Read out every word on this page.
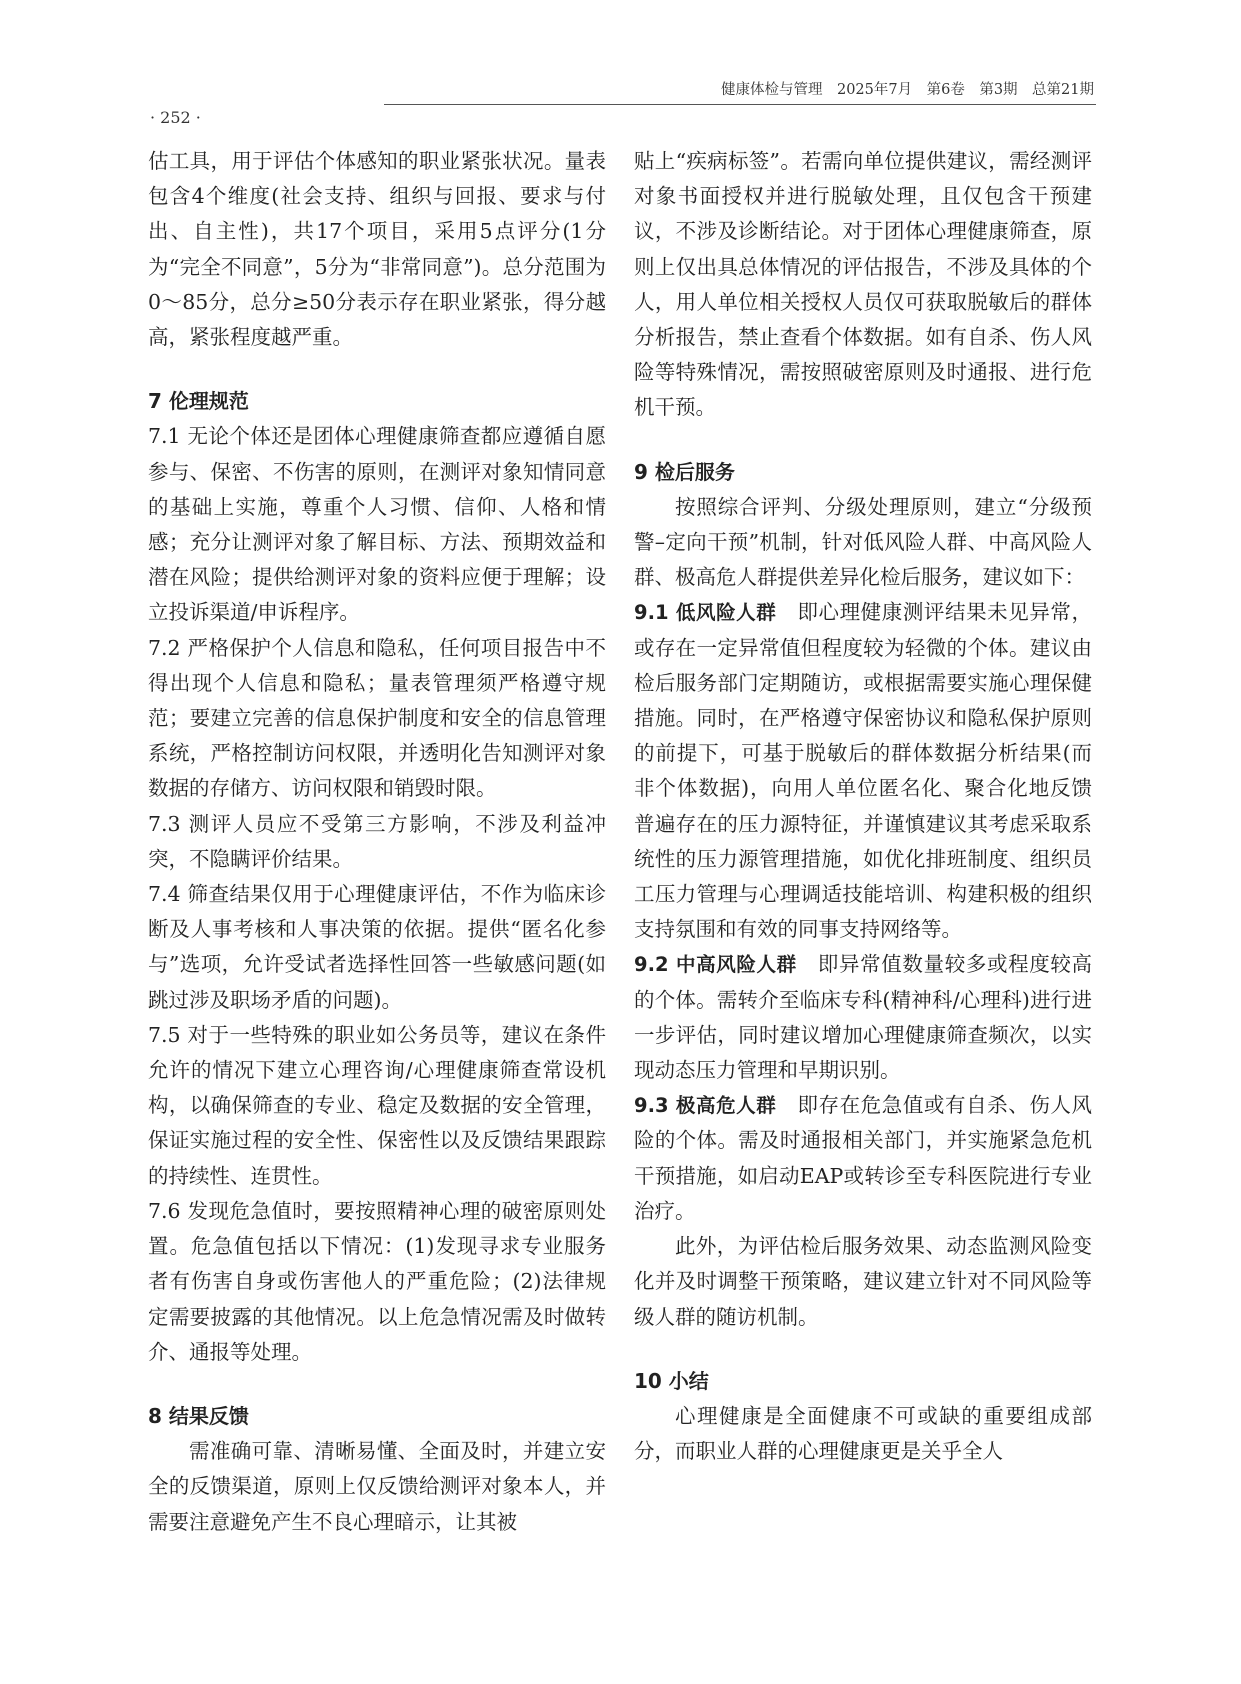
健康体检与管理　2025年7月　第6卷　第3期　总第21期
· 252 ·

估工具，用于评估个体感知的职业紧张状况。量表包含4个维度(社会支持、组织与回报、要求与付出、自主性)，共17个项目，采用5点评分(1分为“完全不同意”，5分为“非常同意”)。总分范围为0～85分，总分≥50分表示存在职业紧张，得分越高，紧张程度越严重。

7 伦理规范

7.1 无论个体还是团体心理健康筛查都应遵循自愿参与、保密、不伤害的原则，在测评对象知情同意的基础上实施，尊重个人习惯、信仰、人格和情感；充分让测评对象了解目标、方法、预期效益和潜在风险；提供给测评对象的资料应便于理解；设立投诉渠道/申诉程序。

7.2 严格保护个人信息和隐私，任何项目报告中不得出现个人信息和隐私；量表管理须严格遵守规范；要建立完善的信息保护制度和安全的信息管理系统，严格控制访问权限，并透明化告知测评对象数据的存储方、访问权限和销毁时限。

7.3 测评人员应不受第三方影响，不涉及利益冲突，不隐瞒评价结果。

7.4 筛查结果仅用于心理健康评估，不作为临床诊断及人事考核和人事决策的依据。提供“匿名化参与”选项，允许受试者选择性回答一些敏感问题(如跳过涉及职场矛盾的问题)。

7.5 对于一些特殊的职业如公务员等，建议在条件允许的情况下建立心理咨询/心理健康筛查常设机构，以确保筛查的专业、稳定及数据的安全管理，保证实施过程的安全性、保密性以及反馈结果跟踪的持续性、连贯性。

7.6 发现危急值时，要按照精神心理的破密原则处置。危急值包括以下情况：(1)发现寻求专业服务者有伤害自身或伤害他人的严重危险；(2)法律规定需要披露的其他情况。以上危急情况需及时做转介、通报等处理。

8 结果反馈

需准确可靠、清晰易懂、全面及时，并建立安全的反馈渠道，原则上仅反馈给测评对象本人，并需要注意避免产生不良心理暗示，让其被

贴上“疾病标签”。若需向单位提供建议，需经测评对象书面授权并进行脱敏处理，且仅包含干预建议，不涉及诊断结论。对于团体心理健康筛查，原则上仅出具总体情况的评估报告，不涉及具体的个人，用人单位相关授权人员仅可获取脱敏后的群体分析报告，禁止查看个体数据。如有自杀、伤人风险等特殊情况，需按照破密原则及时通报、进行危机干预。

9 检后服务

按照综合评判、分级处理原则，建立“分级预警–定向干预”机制，针对低风险人群、中高风险人群、极高危人群提供差异化检后服务，建议如下：

9.1 低风险人群　 即心理健康测评结果未见异常，或存在一定异常值但程度较为轻微的个体。建议由检后服务部门定期随访，或根据需要实施心理保健措施。同时，在严格遵守保密协议和隐私保护原则的前提下，可基于脱敏后的群体数据分析结果(而非个体数据)，向用人单位匿名化、聚合化地反馈普遍存在的压力源特征，并谨慎建议其考虑采取系统性的压力源管理措施，如优化排班制度、组织员工压力管理与心理调适技能培训、构建积极的组织支持氛围和有效的同事支持网络等。

9.2 中高风险人群　 即异常值数量较多或程度较高的个体。需转介至临床专科(精神科/心理科)进行进一步评估，同时建议增加心理健康筛查频次，以实现动态压力管理和早期识别。

9.3 极高危人群　 即存在危急值或有自杀、伤人风险的个体。需及时通报相关部门，并实施紧急危机干预措施，如启动EAP或转诊至专科医院进行专业治疗。

此外，为评估检后服务效果、动态监测风险变化并及时调整干预策略，建议建立针对不同风险等级人群的随访机制。

10 小结

心理健康是全面健康不可或缺的重要组成部分，而职业人群的心理健康更是关乎全人
